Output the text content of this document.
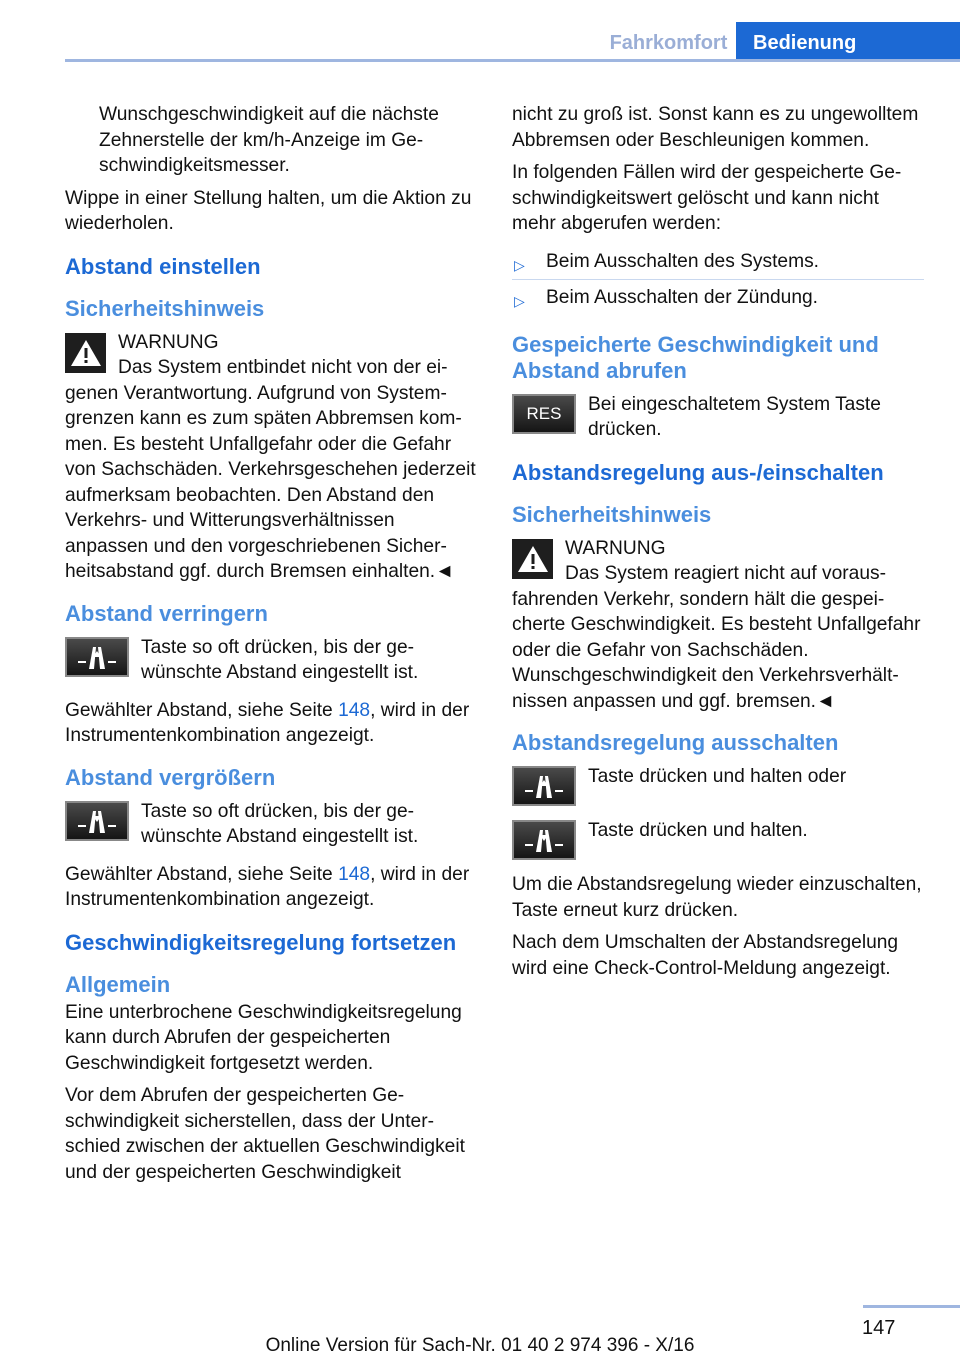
Fahrkomfort	Bedienung

Wunschgeschwindigkeit auf die nächste Zehnerstelle der km/h-Anzeige im Geschwindigkeitsmesser.

Wippe in einer Stellung halten, um die Aktion zu wiederholen.

Abstand einstellen
Sicherheitshinweis
WARNUNG
Das System entbindet nicht von der eigenen Verantwortung. Aufgrund von Systemgrenzen kann es zum späten Abbremsen kommen. Es besteht Unfallgefahr oder die Gefahr von Sachschäden. Verkehrsgeschehen jederzeit aufmerksam beobachten. Den Abstand den Verkehrs- und Witterungsverhältnissen anpassen und den vorgeschriebenen Sicherheitsabstand ggf. durch Bremsen einhalten.◄
Abstand verringern
Taste so oft drücken, bis der gewünschte Abstand eingestellt ist.

Gewählter Abstand, siehe Seite 148, wird in der Instrumentenkombination angezeigt.

Abstand vergrößern
Taste so oft drücken, bis der gewünschte Abstand eingestellt ist.

Gewählter Abstand, siehe Seite 148, wird in der Instrumentenkombination angezeigt.

Geschwindigkeitsregelung fortsetzen
Allgemein

Eine unterbrochene Geschwindigkeitsregelung kann durch Abrufen der gespeicherten Geschwindigkeit fortgesetzt werden.

Vor dem Abrufen der gespeicherten Geschwindigkeit sicherstellen, dass der Unterschied zwischen der aktuellen Geschwindigkeit und der gespeicherten Geschwindigkeit

nicht zu groß ist. Sonst kann es zu ungewolltem Abbremsen oder Beschleunigen kommen.

In folgenden Fällen wird der gespeicherte Geschwindigkeitswert gelöscht und kann nicht mehr abgerufen werden:

▷ Beim Ausschalten des Systems.
▷ Beim Ausschalten der Zündung.
Gespeicherte Geschwindigkeit und Abstand abrufen
RES	Bei eingeschaltetem System Taste drücken.
Abstandsregelung aus-/einschalten
Sicherheitshinweis
WARNUNG
Das System reagiert nicht auf vorausfahrenden Verkehr, sondern hält die gespeicherte Geschwindigkeit. Es besteht Unfallgefahr oder die Gefahr von Sachschäden. Wunschgeschwindigkeit den Verkehrsverhältnissen anpassen und ggf. bremsen.◄
Abstandsregelung ausschalten
Taste drücken und halten oder
Taste drücken und halten.

Um die Abstandsregelung wieder einzuschalten, Taste erneut kurz drücken.

Nach dem Umschalten der Abstandsregelung wird eine Check-Control-Meldung angezeigt.

147
Online Version für Sach-Nr. 01 40 2 974 396 - X/16
